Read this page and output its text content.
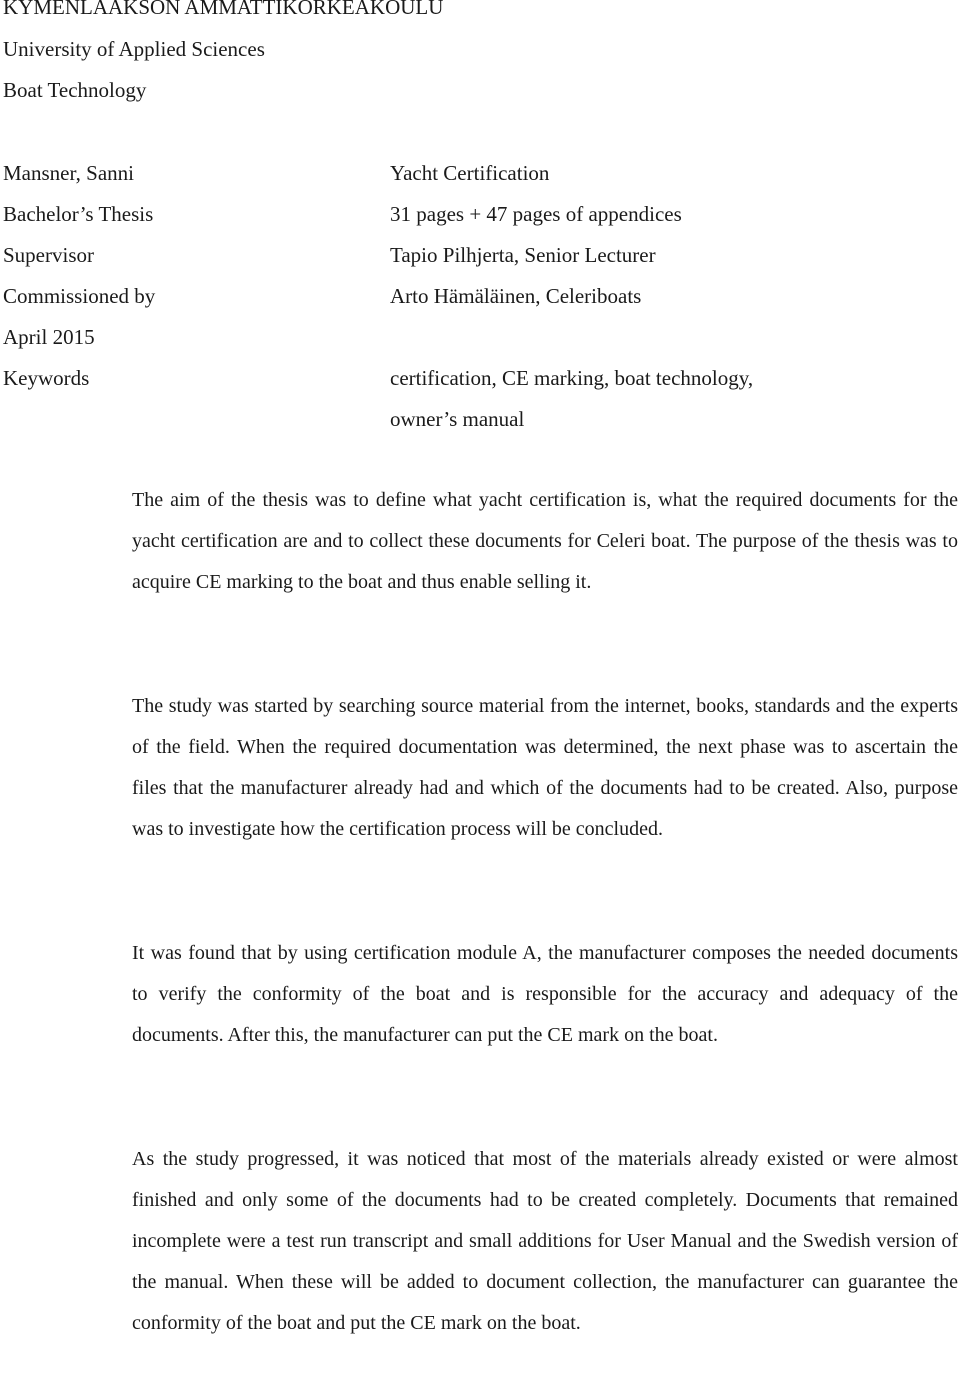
KYMENLAAKSON AMMATTIKORKEAKOULU
University of Applied Sciences
Boat Technology
Mansner, Sanni	Yacht Certification
Bachelor’s Thesis	31 pages + 47 pages of appendices
Supervisor	Tapio Pilhjerta, Senior Lecturer
Commissioned by	Arto Hämäläinen, Celeriboats
April 2015
Keywords	certification, CE marking, boat technology,
owner’s manual

The aim of the thesis was to define what yacht certification is, what the required documents for the yacht certification are and to collect these documents for Celeri boat. The purpose of the thesis was to acquire CE marking to the boat and thus enable selling it.

The study was started by searching source material from the internet, books, standards and the experts of the field. When the required documentation was determined, the next phase was to ascertain the files that the manufacturer already had and which of the documents had to be created. Also, purpose was to investigate how the certification process will be concluded.

It was found that by using certification module A, the manufacturer composes the needed documents to verify the conformity of the boat and is responsible for the accuracy and adequacy of the documents. After this, the manufacturer can put the CE mark on the boat.

As the study progressed, it was noticed that most of the materials already existed or were almost finished and only some of the documents had to be created completely. Documents that remained incomplete were a test run transcript and small additions for User Manual and the Swedish version of the manual. When these will be added to document collection, the manufacturer can guarantee the conformity of the boat and put the CE mark on the boat.
